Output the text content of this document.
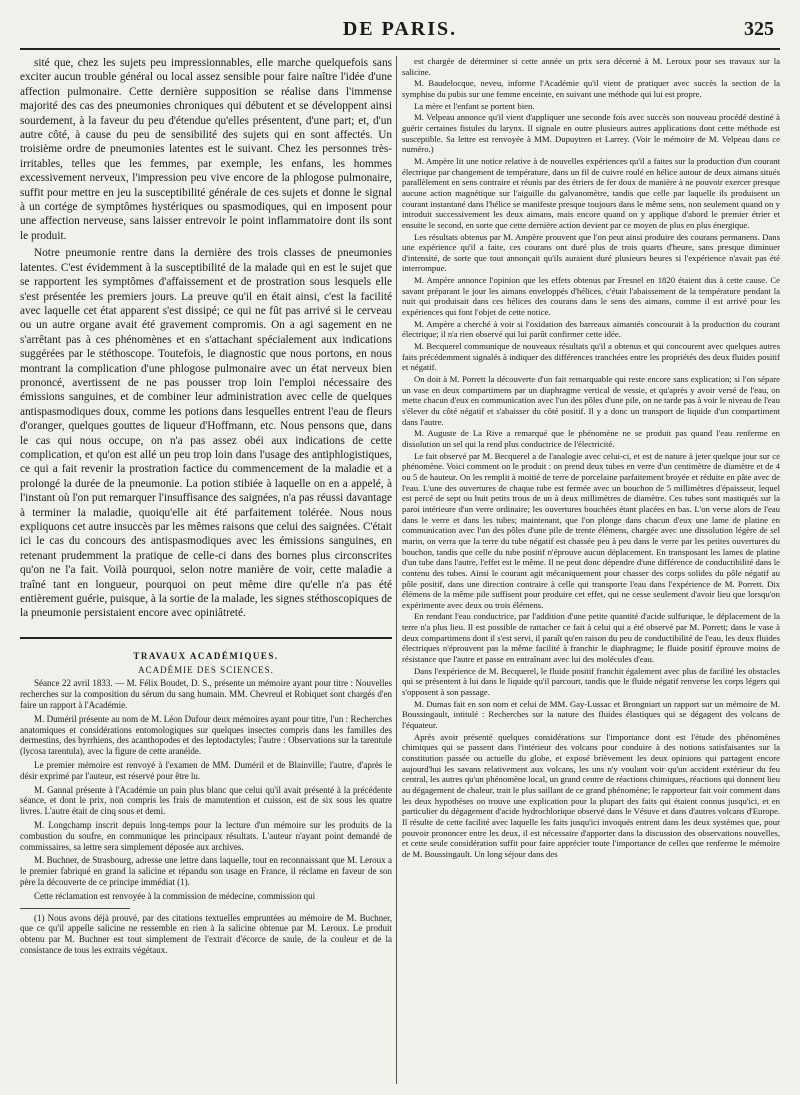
DE PARIS.	325

sité que, chez les sujets peu impressionnables, elle marche quelquefois sans exciter aucun trouble général ou local assez sensible pour faire naître l'idée d'une affection pulmonaire. Cette dernière supposition se réalise dans l'immense majorité des cas des pneumonies chroniques qui débutent et se développent ainsi sourdement, à la faveur du peu d'étendue qu'elles présentent, d'une part; et, d'un autre côté, à cause du peu de sensibilité des sujets qui en sont affectés. Un troisième ordre de pneumonies latentes est le suivant. Chez les personnes très-irritables, telles que les femmes, par exemple, les enfans, les hommes excessivement nerveux, l'impression peu vive encore de la phlogose pulmonaire, suffit pour mettre en jeu la susceptibilité générale de ces sujets et donne le signal à un cortége de symptômes hystériques ou spasmodiques, qui en imposent pour une affection nerveuse, sans laisser entrevoir le point inflammatoire dont ils sont le produit.

Notre pneumonie rentre dans la dernière des trois classes de pneumonies latentes. C'est évidemment à la susceptibilité de la malade qui en est le sujet que se rapportent les symptômes d'affaissement et de prostration sous lesquels elle s'est présentée les premiers jours. La preuve qu'il en était ainsi, c'est la facilité avec laquelle cet état apparent s'est dissipé; ce qui ne fût pas arrivé si le cerveau ou un autre organe avait été gravement compromis. On a agi sagement en ne s'arrêtant pas à ces phénomènes et en s'attachant spécialement aux indications suggérées par le stéthoscope. Toutefois, le diagnostic que nous portons, en nous montrant la complication d'une phlogose pulmonaire avec un état nerveux bien prononcé, avertissent de ne pas pousser trop loin l'emploi nécessaire des émissions sanguines, et de combiner leur administration avec celle de quelques antispasmodiques doux, comme les potions dans lesquelles entrent l'eau de fleurs d'oranger, quelques gouttes de liqueur d'Hoffmann, etc. Nous pensons que, dans le cas qui nous occupe, on n'a pas assez obéi aux indications de cette complication, et qu'on est allé un peu trop loin dans l'usage des antiphlogistiques, ce qui a fait revenir la prostration factice du commencement de la maladie et a prolongé la durée de la pneumonie. La potion stibiée à laquelle on en a appelé, à l'instant où l'on put remarquer l'insuffisance des saignées, n'a pas réussi davantage à terminer la maladie, quoiqu'elle ait été parfaitement tolérée. Nous nous expliquons cet autre insuccès par les mêmes raisons que celui des saignées. C'était ici le cas du concours des antispasmodiques avec les émissions sanguines, en retenant prudemment la pratique de celle-ci dans des bornes plus circonscrites qu'on ne l'a fait. Voilà pourquoi, selon notre manière de voir, cette maladie a traîné tant en longueur, pourquoi on peut même dire qu'elle n'a pas été entièrement guérie, puisque, à la sortie de la malade, les signes stéthoscopiques de la pneumonie persistaient encore avec opiniâtreté.

TRAVAUX ACADÉMIQUES.

ACADÉMIE DES SCIENCES.

Séance 22 avril 1833. — M. Félix Boudet, D. S., présente un mémoire ayant pour titre : Nouvelles recherches sur la composition du sérum du sang humain. MM. Chevreul et Robiquet sont chargés d'en faire un rapport à l'Académie.

M. Duméril présente au nom de M. Léon Dufour deux mémoires ayant pour titre, l'un : Recherches anatomiques et considérations entomologiques sur quelques insectes compris dans les familles des dermestins, des byrrhiens, des acanthopodes et des leptodactyles; l'autre : Observations sur la tarentule (lycosa tarentula), avec la figure de cette aranéide.

Le premier mémoire est renvoyé à l'examen de MM. Duméril et de Blainville; l'autre, d'après le désir exprimé par l'auteur, est réservé pour être lu.

M. Gannal présente à l'Académie un pain plus blanc que celui qu'il avait présenté à la précédente séance, et dont le prix, non compris les frais de manutention et cuisson, est de six sous les quatre livres. L'autre était de cinq sous et demi.

M. Longchamp inscrit depuis long-temps pour la lecture d'un mémoire sur les produits de la combustion du soufre, en communique les principaux résultats. L'auteur n'ayant point demandé de commissaires, sa lettre sera simplement déposée aux archives.

M. Buchner, de Strasbourg, adresse une lettre dans laquelle, tout en reconnaissant que M. Leroux a le premier fabriqué en grand la salicine et répandu son usage en France, il réclame en faveur de son père la découverte de ce principe immédiat (1).

Cette réclamation est renvoyée à la commission de médecine, commission qui

(1) Nous avons déjà prouvé, par des citations textuelles empruntées au mémoire de M. Buchner, que ce qu'il appelle salicine ne ressemble en rien à la salicine obtenue par M. Leroux. Le produit obtenu par M. Buchner est tout simplement de l'extrait d'écorce de saule, de la couleur et de la consistance de tous les extraits végétaux.

est chargée de déterminer si cette année un prix sera décerné à M. Leroux pour ses travaux sur la salicine.

M. Baudelocque, neveu, informe l'Académie qu'il vient de pratiquer avec succès la section de la symphise du pubis sur une femme enceinte, en suivant une méthode qui lui est propre.

La mère et l'enfant se portent bien.

M. Velpeau annonce qu'il vient d'appliquer une seconde fois avec succès son nouveau procédé destiné à guérir certaines fistules du larynx. Il signale en outre plusieurs autres applications dont cette méthode est susceptible. Sa lettre est renvoyée à MM. Dupuytren et Larrey. (Voir le mémoire de M. Velpeau dans ce numéro.)

M. Ampère lit une notice relative à de nouvelles expériences qu'il a faites sur la production d'un courant électrique par changement de température, dans un fil de cuivre roulé en hélice autour de deux aimans situés parallèlement en sens contraire et réunis par des étriers de fer doux de manière à ne pouvoir exercer presque aucune action magnétique sur l'aiguille du galvanomètre, tandis que celle par laquelle ils produisent un courant instantané dans l'hélice se manifeste presque toujours dans le même sens, non seulement quand on y introduit successivement les deux aimans, mais encore quand on y applique d'abord le premier étrier et ensuite le second, en sorte que cette dernière action devient par ce moyen de plus en plus énergique.

Les résultats obtenus par M. Ampère prouvent que l'on peut ainsi produire des courans permanens. Dans une expérience qu'il a faite, ces courans ont duré plus de trois quarts d'heure, sans presque diminuer d'intensité, de sorte que tout annonçait qu'ils auraient duré plusieurs heures si l'expérience n'avait pas été interrompue.

M. Ampère annonce l'opinion que les effets obtenus par Fresnel en 1820 étaient dus à cette cause. Ce savant préparant le jour les aimans enveloppés d'hélices, c'était l'abaissement de la température pendant la nuit qui produisait dans ces hélices des courans dans le sens des aimans, comme il est arrivé pour les expériences qui font l'objet de cette notice.

M. Ampère a cherché à voir si l'oxidation des barreaux aimantés concourait à la production du courant électrique; il n'a rien observé qui lui parût confirmer cette idée.

M. Becquerel communique de nouveaux résultats qu'il a obtenus et qui concourent avec quelques autres faits précédemment signalés à indiquer des différences tranchées entre les propriétés des deux fluides positif et négatif.

On doit à M. Porrett la découverte d'un fait remarquable qui reste encore sans explication; si l'on sépare un vase en deux compartimens par un diaphragme vertical de vessie, et qu'après y avoir versé de l'eau, on mette chacun d'eux en communication avec l'un des pôles d'une pile, on ne tarde pas à voir le niveau de l'eau s'élever du côté négatif et s'abaisser du côté positif. Il y a donc un transport de liquide d'un compartiment dans l'autre.

M. Auguste de La Rive a remarqué que le phénomène ne se produit pas quand l'eau renferme en dissolution un sel qui la rend plus conductrice de l'électricité.

Le fait observé par M. Becquerel a de l'analogie avec celui-ci, et est de nature à jeter quelque jour sur ce phénomène. Voici comment on le produit : on prend deux tubes en verre d'un centimètre de diamètre et de 4 ou 5 de hauteur. On les remplit à moitié de terre de porcelaine parfaitement broyée et réduite en pâte avec de l'eau. L'une des ouvertures de chaque tube est fermée avec un bouchon de 5 millimètres d'épaisseur, lequel est percé de sept ou huit petits trous de un à deux millimètres de diamètre. Ces tubes sont mastiqués sur la paroi intérieure d'un verre ordinaire; les ouvertures bouchées étant placées en bas. L'on verse alors de l'eau dans le verre et dans les tubes; maintenant, que l'on plonge dans chacun d'eux une lame de platine en communication avec l'un des pôles d'une pile de trente élémens, chargée avec une dissolution légère de sel marin, on verra que la terre du tube négatif est chassée peu à peu dans le verre par les petites ouvertures du bouchon, tandis que celle du tube positif n'éprouve aucun déplacement. En transposant les lames de platine d'un tube dans l'autre, l'effet est le même. Il ne peut donc dépendre d'une différence de conductibilité dans le contenu des tubes. Ainsi le courant agit mécaniquement pour chasser des corps solides du pôle négatif au pôle positif, dans une direction contraire à celle qui transporte l'eau dans l'expérience de M. Porrett. Dix élémens de la même pile suffisent pour produire cet effet, qui ne cesse seulement d'avoir lieu que lorsqu'on expérimente avec deux ou trois élémens.

En rendant l'eau conductrice, par l'addition d'une petite quantité d'acide sulfurique, le déplacement de la terre n'a plus lieu. Il est possible de rattacher ce fait à celui qui a été observé par M. Porrett; dans le vase à deux compartimens dont il s'est servi, il paraît qu'en raison du peu de conductibilité de l'eau, les deux fluides électriques n'éprouvent pas la même facilité à franchir le diaphragme; le fluide positif éprouve moins de résistance que l'autre et passe en entraînant avec lui des molécules d'eau.

Dans l'expérience de M. Becquerel, le fluide positif franchit également avec plus de facilité les obstacles qui se présentent à lui dans le liquide qu'il parcourt, tandis que le fluide négatif renverse les corps légers qui s'opposent à son passage.

M. Dumas fait en son nom et celui de MM. Gay-Lussac et Brongniart un rapport sur un mémoire de M. Boussingault, intitulé : Recherches sur la nature des fluides élastiques qui se dégagent des volcans de l'équateur.

Après avoir présenté quelques considérations sur l'importance dont est l'étude des phénomènes chimiques qui se passent dans l'intérieur des volcans pour conduire à des notions satisfaisantes sur la constitution passée ou actuelle du globe, et exposé brièvement les deux opinions qui partagent encore aujourd'hui les savans relativement aux volcans, les uns n'y voulant voir qu'un accident extérieur du feu central, les autres qu'un phénomène local, un grand centre de réactions chimiques, réactions qui donnent lieu au dégagement de chaleur, trait le plus saillant de ce grand phénomène; le rapporteur fait voir comment dans les deux hypothèses on trouve une explication pour la plupart des faits qui étaient connus jusqu'ici, et en particulier du dégagement d'acide hydrochlorique observé dans le Vésuve et dans d'autres volcans d'Europe. Il résulte de cette facilité avec laquelle les faits jusqu'ici invoqués entrent dans les deux systèmes que, pour pouvoir prononcer entre les deux, il est nécessaire d'apporter dans la discussion des observations nouvelles, et cette seule considération suffit pour faire apprécier toute l'importance de celles que renferme le mémoire de M. Boussingault. Un long séjour dans des
